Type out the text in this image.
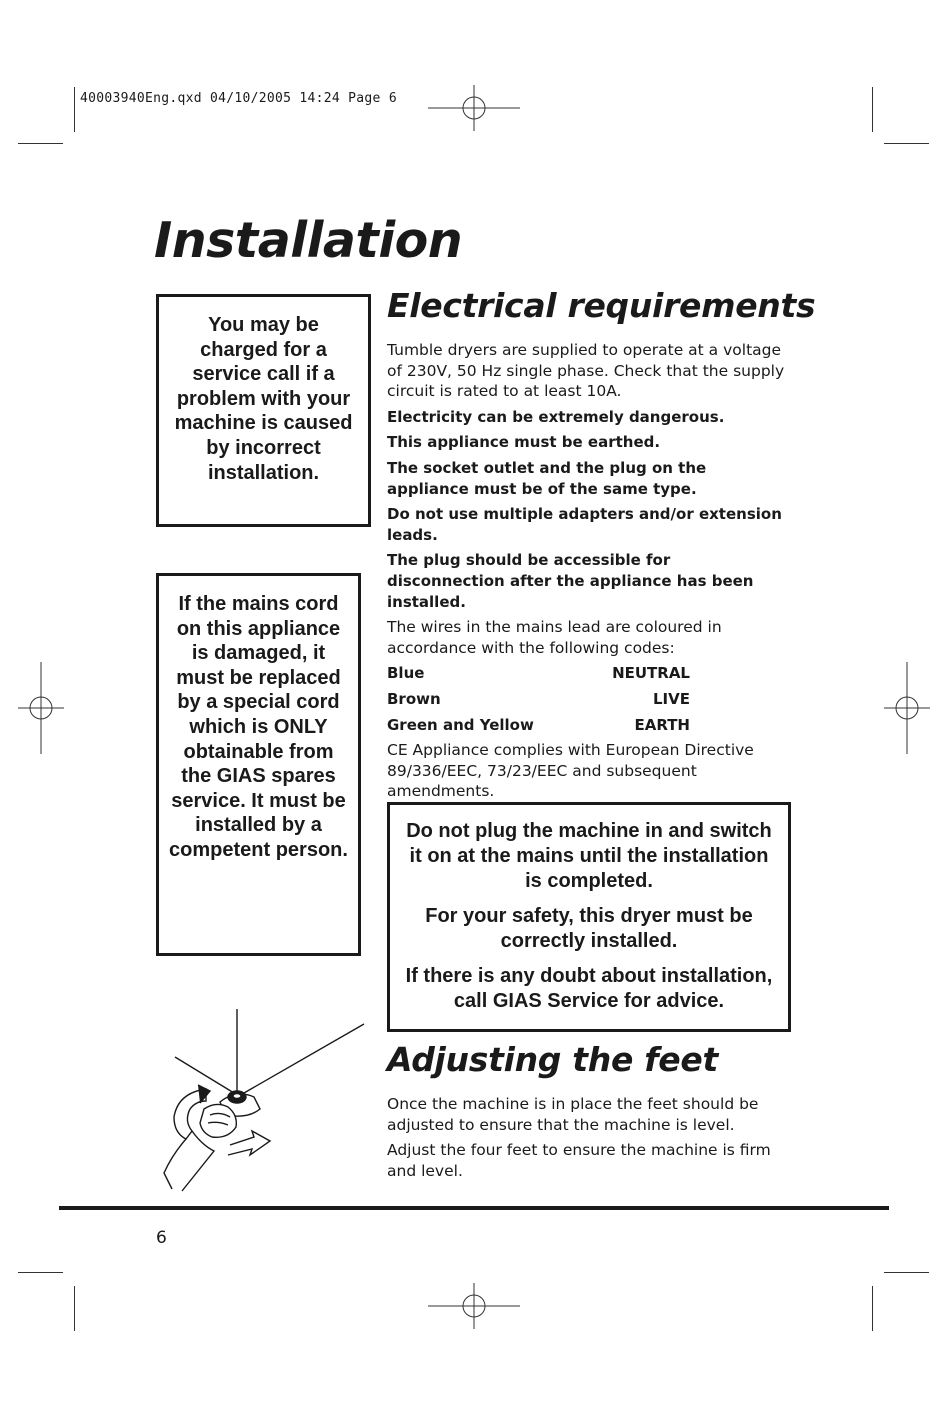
40003940Eng.qxd 04/10/2005 14:24 Page 6
Installation
You may be charged for a service call if a problem with your machine is caused by incorrect installation.
If the mains cord on this appliance is damaged, it must be replaced by a special cord which is ONLY obtainable from the GIAS spares service. It must be installed by a competent person.
Electrical requirements

Tumble dryers are supplied to operate at a voltage of 230V, 50 Hz single phase. Check that the supply circuit is rated to at least 10A.

Electricity can be extremely dangerous.

This appliance must be earthed.

The socket outlet and the plug on the appliance must be of the same type.

Do not use multiple adapters and/or extension leads.

The plug should be accessible for disconnection after the appliance has been installed.

The wires in the mains lead are coloured in accordance with the following codes:

Blue	NEUTRAL
Brown	LIVE
Green and Yellow	EARTH

CE Appliance complies with European Directive 89/336/EEC, 73/23/EEC and subsequent amendments.

Do not plug the machine in and switch it on at the mains until the installation is completed.

For your safety, this dryer must be correctly installed.

If there is any doubt about installation, call GIAS Service for advice.

Adjusting the feet

Once the machine is in place the feet should be adjusted to ensure that the machine is level.

Adjust the four feet to ensure the machine is firm and level.

6
